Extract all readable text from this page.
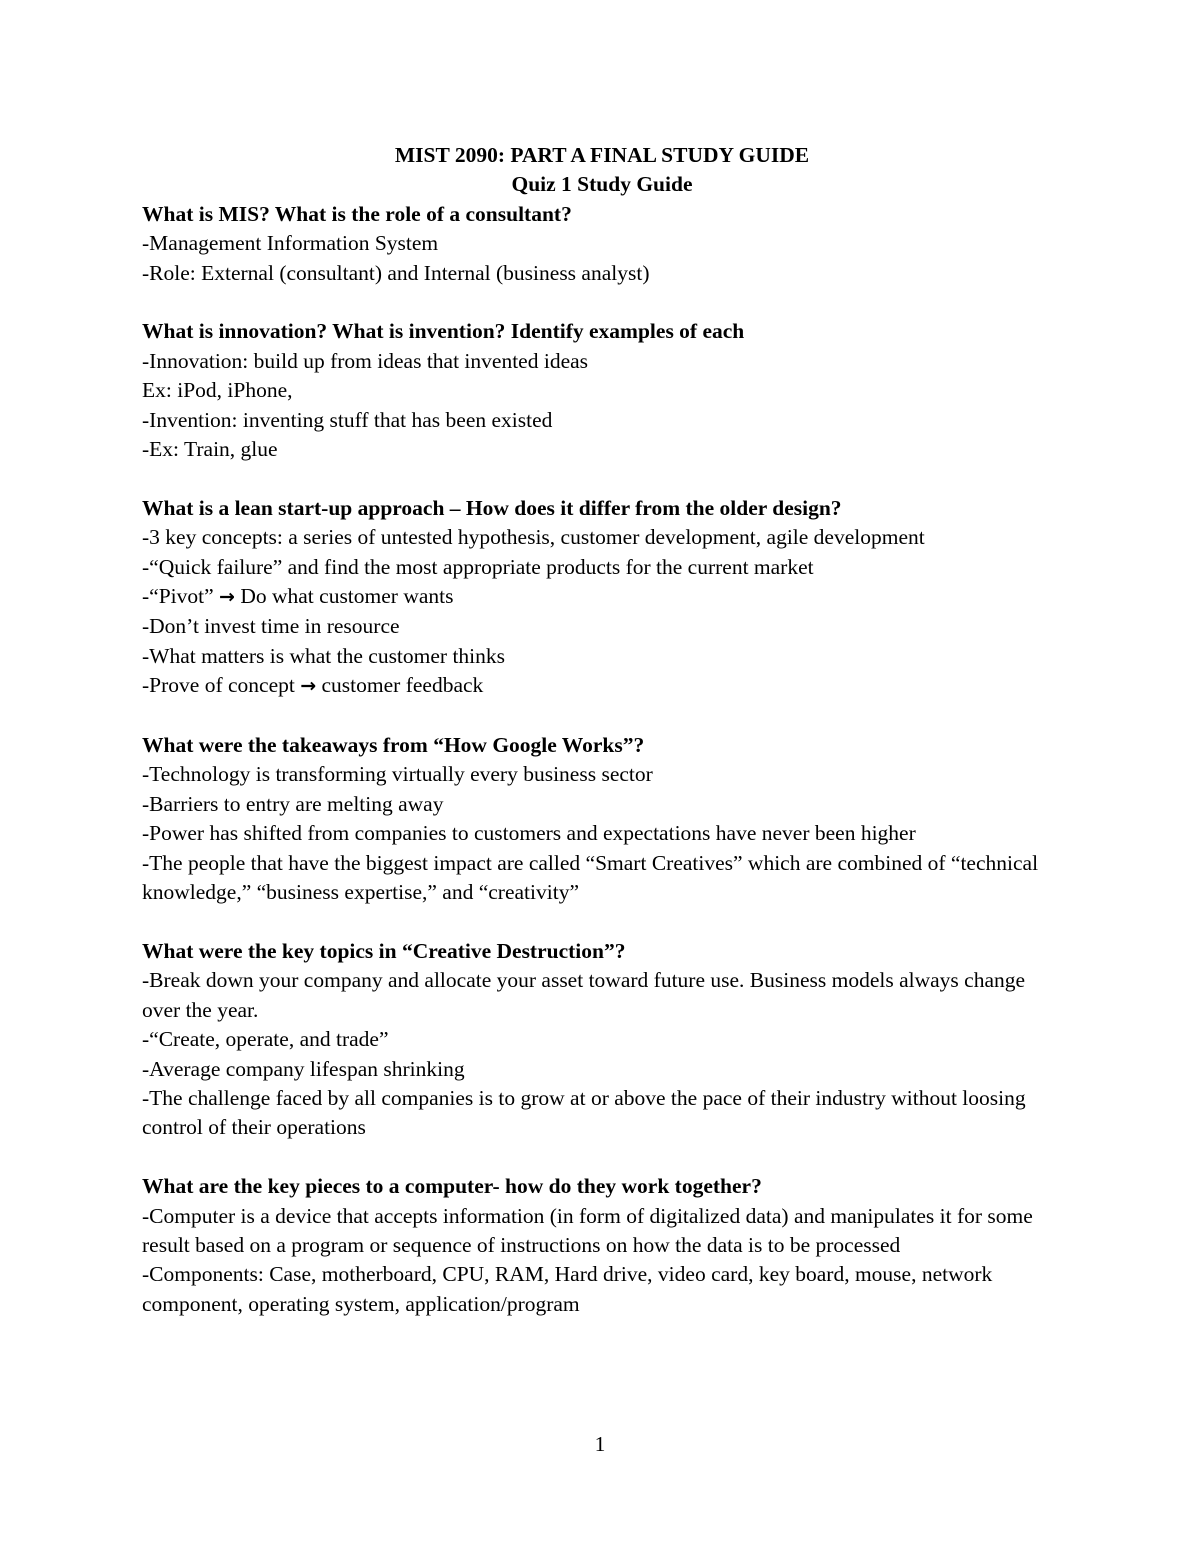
MIST 2090: PART A FINAL STUDY GUIDE
Quiz 1 Study Guide
What is MIS? What is the role of a consultant?
-Management Information System
-Role: External (consultant) and Internal (business analyst)
What is innovation? What is invention? Identify examples of each
-Innovation: build up from ideas that invented ideas
Ex: iPod, iPhone,
-Invention: inventing stuff that has been existed
-Ex: Train, glue
What is a lean start-up approach – How does it differ from the older design?
-3 key concepts: a series of untested hypothesis, customer development, agile development
-“Quick failure” and find the most appropriate products for the current market
-“Pivot” → Do what customer wants
-Don’t invest time in resource
-What matters is what the customer thinks
-Prove of concept → customer feedback
What were the takeaways from “How Google Works”?
-Technology is transforming virtually every business sector
-Barriers to entry are melting away
-Power has shifted from companies to customers and expectations have never been higher
-The people that have the biggest impact are called “Smart Creatives” which are combined of “technical knowledge,” “business expertise,” and “creativity”
What were the key topics in “Creative Destruction”?
-Break down your company and allocate your asset toward future use. Business models always change over the year.
-“Create, operate, and trade”
-Average company lifespan shrinking
-The challenge faced by all companies is to grow at or above the pace of their industry without loosing control of their operations
What are the key pieces to a computer- how do they work together?
-Computer is a device that accepts information (in form of digitalized data) and manipulates it for some result based on a program or sequence of instructions on how the data is to be processed
-Components: Case, motherboard, CPU, RAM, Hard drive, video card, key board, mouse, network component, operating system, application/program
1
